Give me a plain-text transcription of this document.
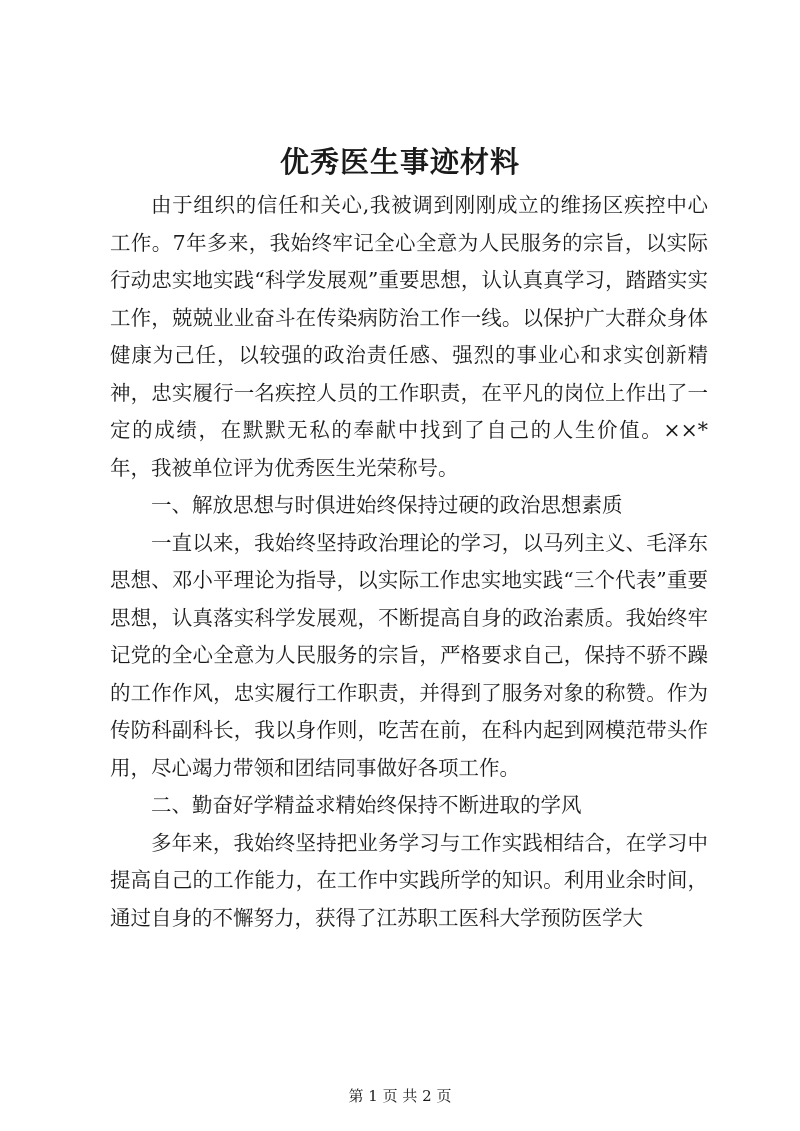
优秀医生事迹材料

由于组织的信任和关心,我被调到刚刚成立的维扬区疾控中心工作。7年多来，我始终牢记全心全意为人民服务的宗旨，以实际行动忠实地实践“科学发展观”重要思想，认认真真学习，踏踏实实工作，兢兢业业奋斗在传染病防治工作一线。以保护广大群众身体健康为己任，以较强的政治责任感、强烈的事业心和求实创新精神，忠实履行一名疾控人员的工作职责，在平凡的岗位上作出了一定的成绩，在默默无私的奉献中找到了自己的人生价值。××*年，我被单位评为优秀医生光荣称号。

一、解放思想与时俱进始终保持过硬的政治思想素质

一直以来，我始终坚持政治理论的学习，以马列主义、毛泽东思想、邓小平理论为指导，以实际工作忠实地实践“三个代表”重要思想，认真落实科学发展观，不断提高自身的政治素质。我始终牢记党的全心全意为人民服务的宗旨，严格要求自己，保持不骄不躁的工作作风，忠实履行工作职责，并得到了服务对象的称赞。作为传防科副科长，我以身作则，吃苦在前，在科内起到网模范带头作用，尽心竭力带领和团结同事做好各项工作。

二、勤奋好学精益求精始终保持不断进取的学风

多年来，我始终坚持把业务学习与工作实践相结合，在学习中提高自己的工作能力，在工作中实践所学的知识。利用业余时间，通过自身的不懈努力，获得了江苏职工医科大学预防医学大

第 1 页 共 2 页
